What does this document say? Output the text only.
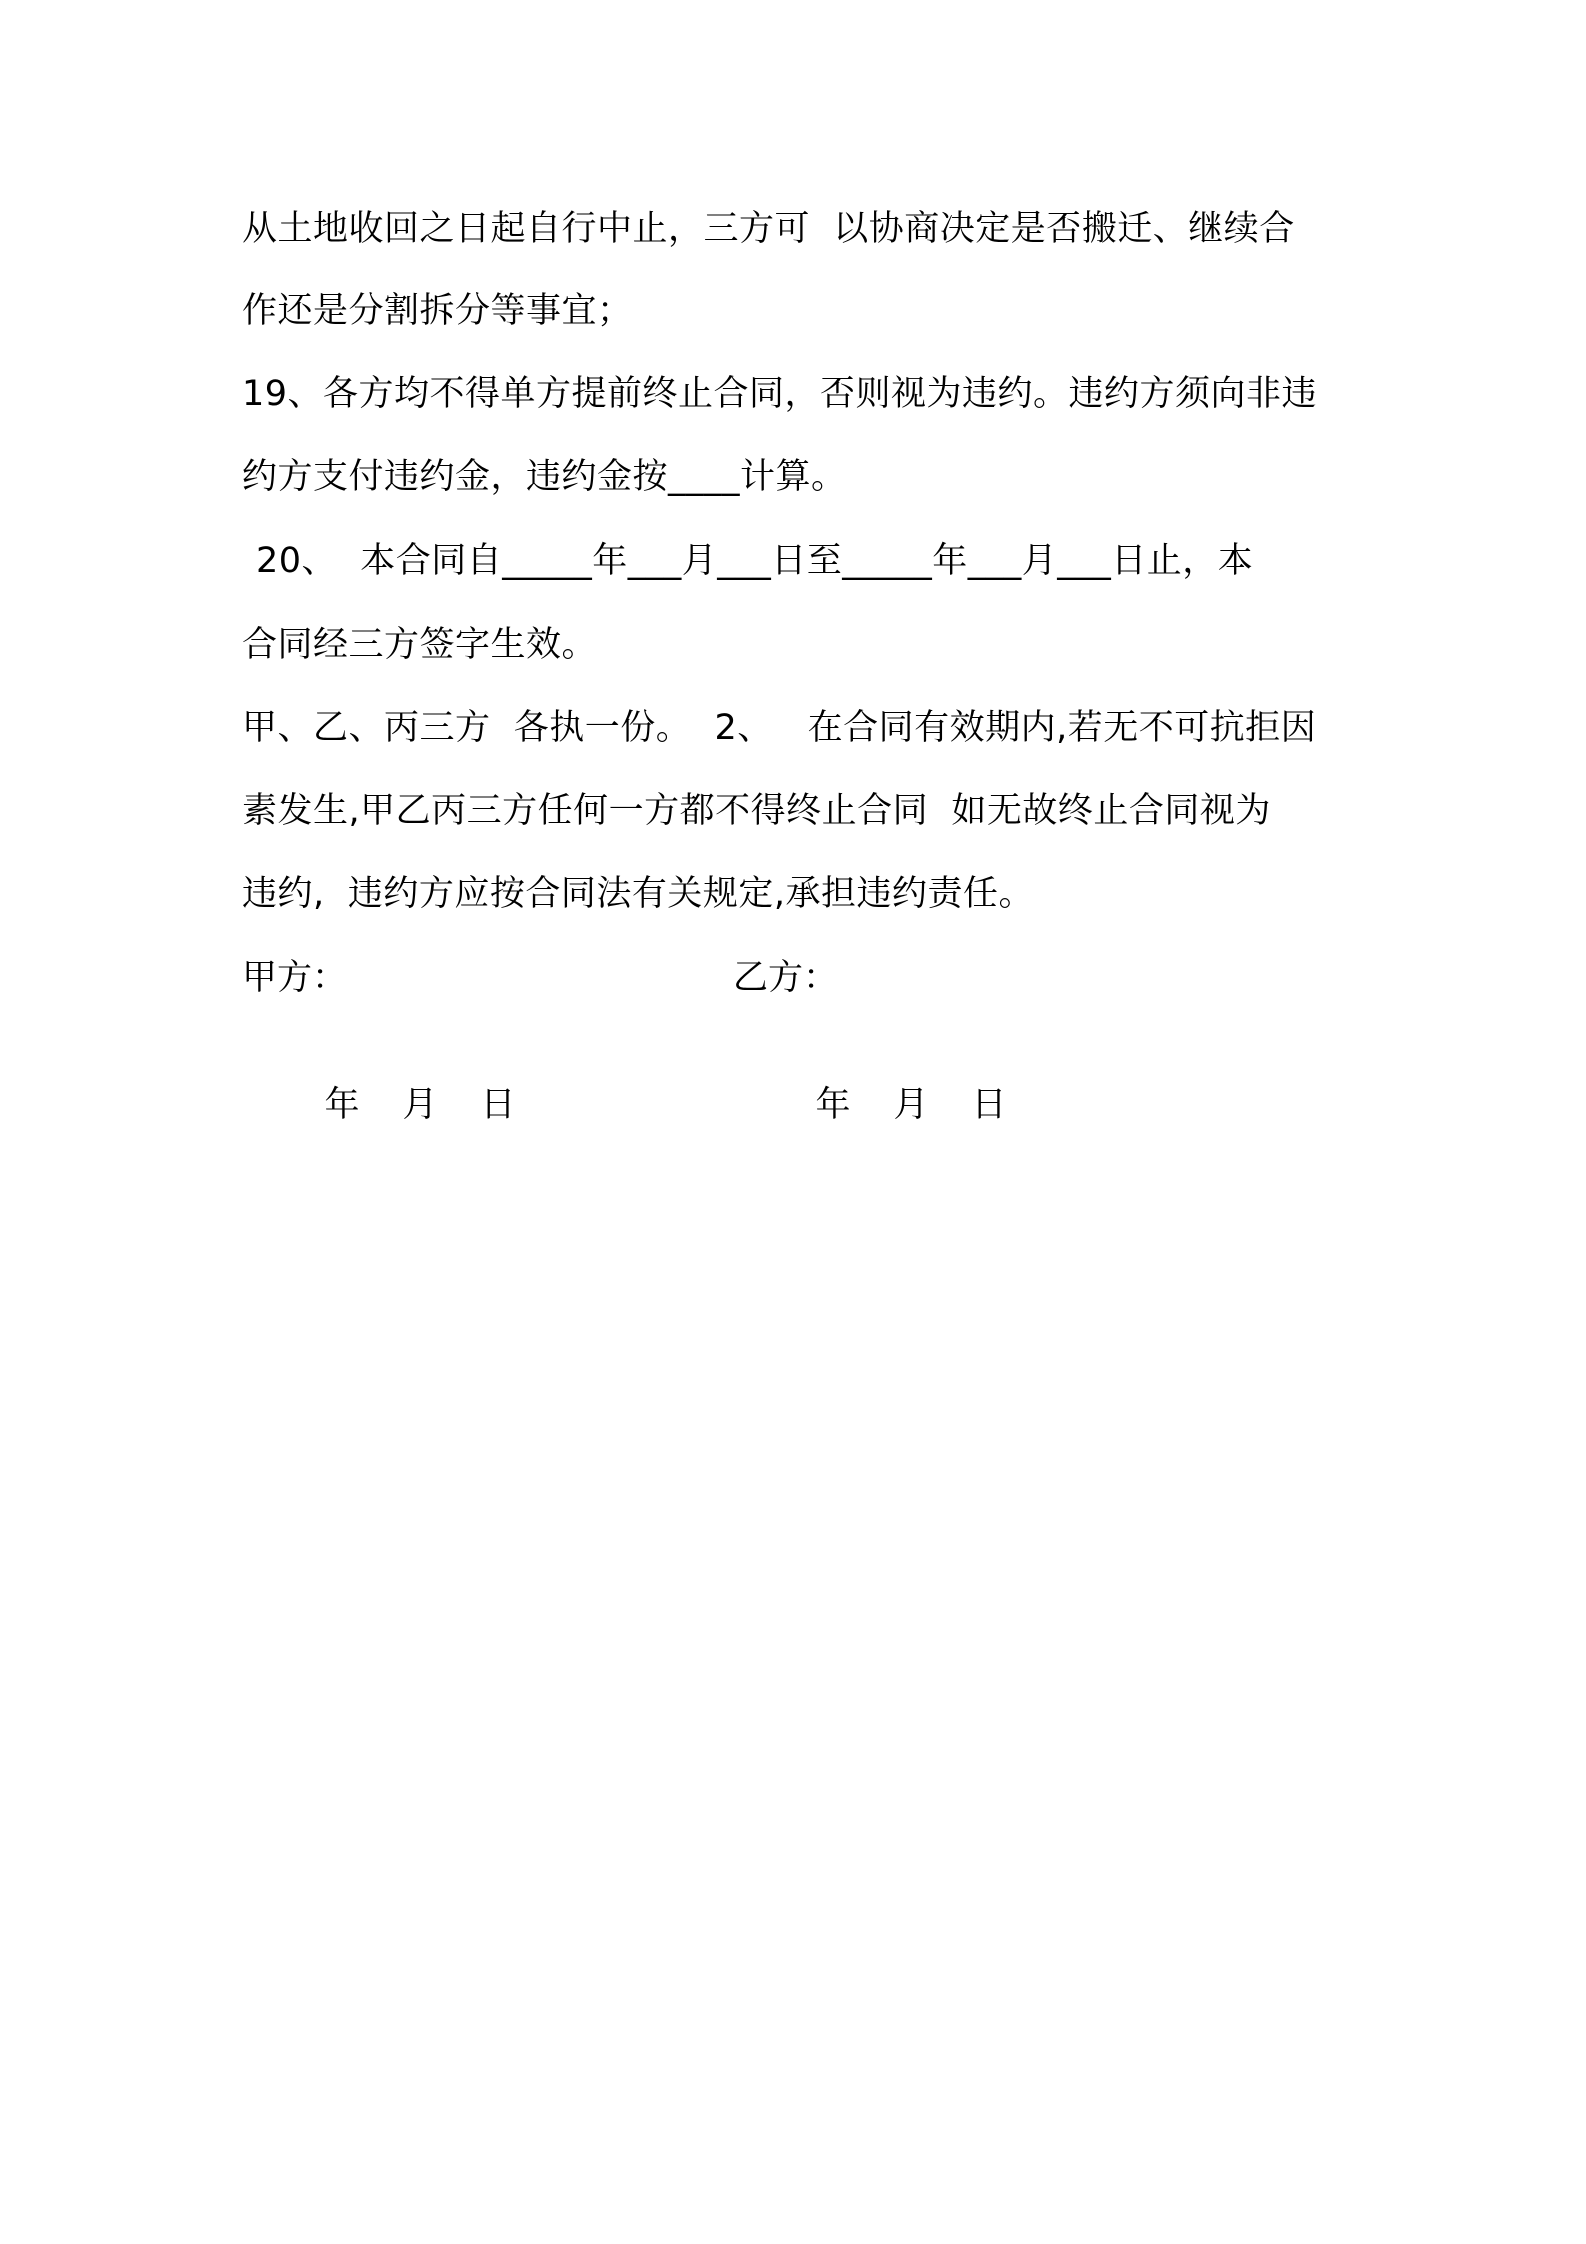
从土地收回之日起自行中止，三方可  以协商决定是否搬迁、继续合
作还是分割拆分等事宜；
19、各方均不得单方提前终止合同，否则视为违约。违约方须向非违
约方支付违约金，违约金按____计算。
20、  本合同自_____年___月___日至_____年___月___日止，本
合同经三方签字生效。
甲、乙、丙三方  各执一份。  2、   在合同有效期内,若无不可抗拒因
素发生,甲乙丙三方任何一方都不得终止合同  如无故终止合同视为
违约,  违约方应按合同法有关规定,承担违约责任。
甲方：	乙方：

年 月 日
	年 月 日
